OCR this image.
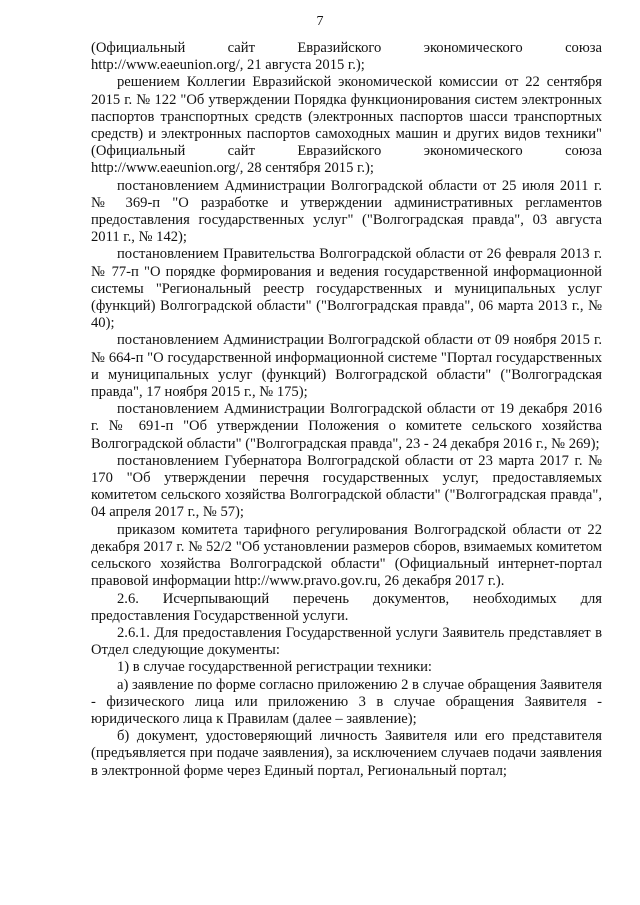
7

(Официальный сайт Евразийского экономического союза http://www.eaeunion.org/, 21 августа 2015 г.);

решением Коллегии Евразийской экономической комиссии от 22 сентября 2015 г. № 122 "Об утверждении Порядка функционирования систем электронных паспортов транспортных средств (электронных паспортов шасси транспортных средств) и электронных паспортов самоходных машин и других видов техники" (Официальный сайт Евразийского экономического союза http://www.eaeunion.org/, 28 сентября 2015 г.);

постановлением Администрации Волгоградской области от 25 июля 2011 г. № 369-п "О разработке и утверждении административных регламентов предоставления государственных услуг" ("Волгоградская правда", 03 августа 2011 г., № 142);

постановлением Правительства Волгоградской области от 26 февраля 2013 г. № 77-п "О порядке формирования и ведения государственной информационной системы "Региональный реестр государственных и муниципальных услуг (функций) Волгоградской области" ("Волгоградская правда", 06 марта 2013 г., № 40);

постановлением Администрации Волгоградской области от 09 ноября 2015 г. № 664-п "О государственной информационной системе "Портал государственных и муниципальных услуг (функций) Волгоградской области" ("Волгоградская правда", 17 ноября 2015 г., № 175);

постановлением Администрации Волгоградской области от 19 декабря 2016 г. № 691-п "Об утверждении Положения о комитете сельского хозяйства Волгоградской области" ("Волгоградская правда", 23 - 24 декабря 2016 г., № 269);

постановлением Губернатора Волгоградской области от 23 марта 2017 г. № 170 "Об утверждении перечня государственных услуг, предоставляемых комитетом сельского хозяйства Волгоградской области" ("Волгоградская правда", 04 апреля 2017 г., № 57);

приказом комитета тарифного регулирования Волгоградской области от 22 декабря 2017 г. № 52/2 "Об установлении размеров сборов, взимаемых комитетом сельского хозяйства Волгоградской области" (Официальный интернет-портал правовой информации http://www.pravo.gov.ru, 26 декабря 2017 г.).

2.6. Исчерпывающий перечень документов, необходимых для предоставления Государственной услуги.

2.6.1. Для предоставления Государственной услуги Заявитель представляет в Отдел следующие документы:

1) в случае государственной регистрации техники:

а) заявление по форме согласно приложению 2 в случае обращения Заявителя - физического лица или приложению 3 в случае обращения Заявителя - юридического лица к Правилам (далее – заявление);

б) документ, удостоверяющий личность Заявителя или его представителя (предъявляется при подаче заявления), за исключением случаев подачи заявления в электронной форме через Единый портал, Региональный портал;
